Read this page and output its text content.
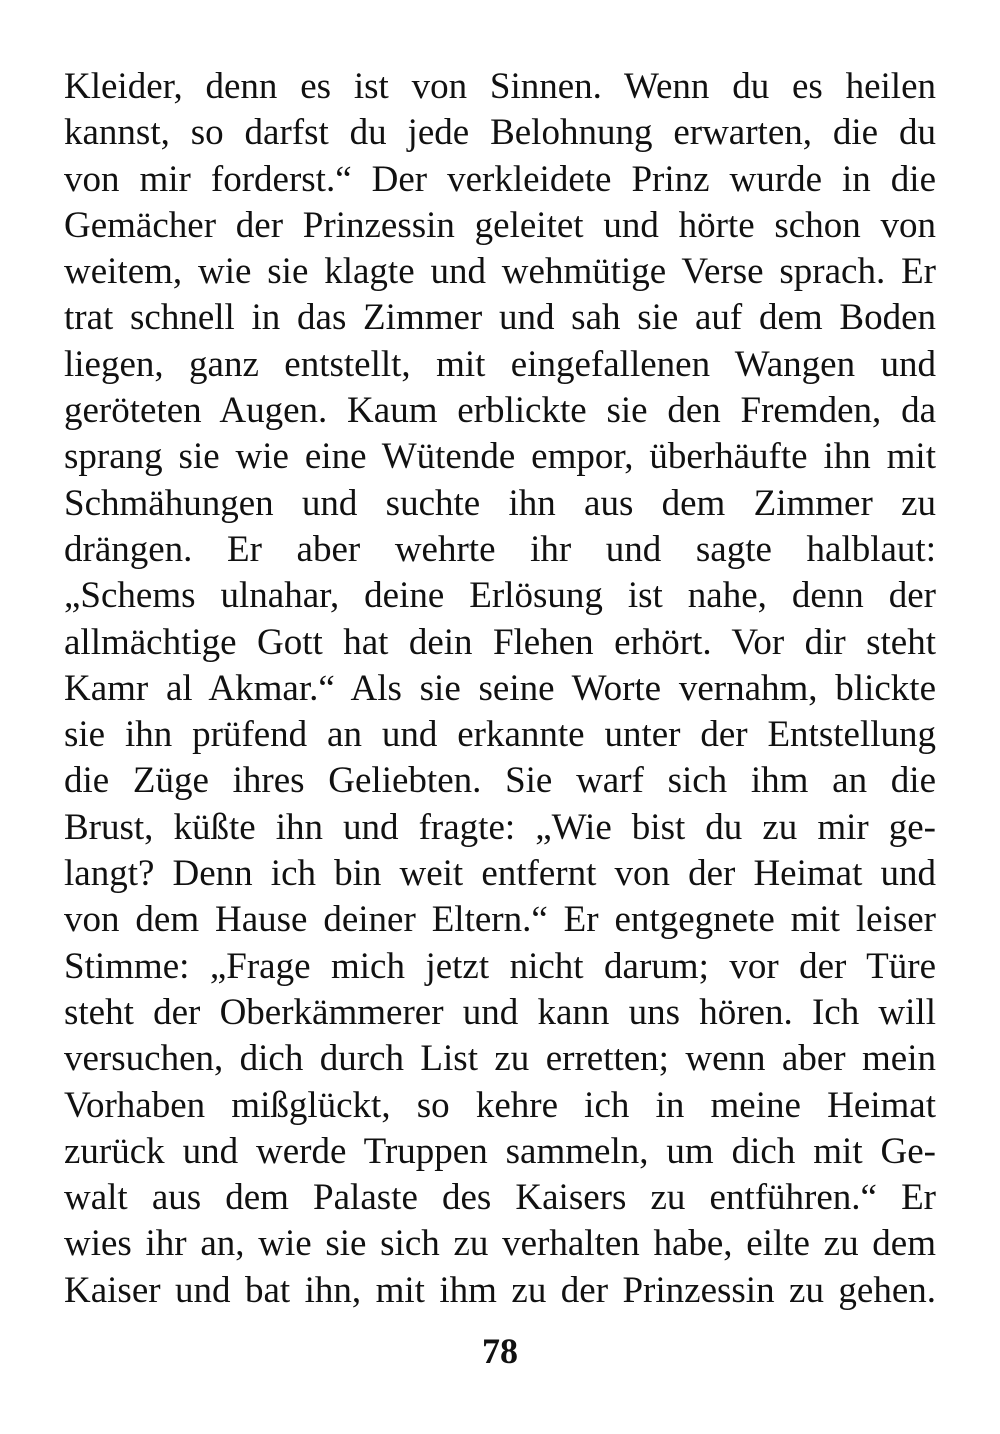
Kleider, denn es ist von Sinnen. Wenn du es heilen
kannst, so darfst du jede Belohnung erwarten, die du
von mir forderst.“ Der verkleidete Prinz wurde in die
Gemächer der Prinzessin geleitet und hörte schon von
weitem, wie sie klagte und wehmütige Verse sprach. Er
trat schnell in das Zimmer und sah sie auf dem Boden
liegen, ganz entstellt, mit eingefallenen Wangen und
geröteten Augen. Kaum erblickte sie den Fremden, da
sprang sie wie eine Wütende empor, überhäufte ihn mit
Schmähungen und suchte ihn aus dem Zimmer zu
drängen. Er aber wehrte ihr und sagte halblaut:
„Schems ulnahar, deine Erlösung ist nahe, denn der
allmächtige Gott hat dein Flehen erhört. Vor dir steht
Kamr al Akmar.“ Als sie seine Worte vernahm, blickte
sie ihn prüfend an und erkannte unter der Entstellung
die Züge ihres Geliebten. Sie warf sich ihm an die
Brust, küßte ihn und fragte: „Wie bist du zu mir ge-
langt? Denn ich bin weit entfernt von der Heimat und
von dem Hause deiner Eltern.“ Er entgegnete mit leiser
Stimme: „Frage mich jetzt nicht darum; vor der Türe
steht der Oberkämmerer und kann uns hören. Ich will
versuchen, dich durch List zu erretten; wenn aber mein
Vorhaben mißglückt, so kehre ich in meine Heimat
zurück und werde Truppen sammeln, um dich mit Ge-
walt aus dem Palaste des Kaisers zu entführen.“ Er
wies ihr an, wie sie sich zu verhalten habe, eilte zu dem
Kaiser und bat ihn, mit ihm zu der Prinzessin zu gehen.
78
